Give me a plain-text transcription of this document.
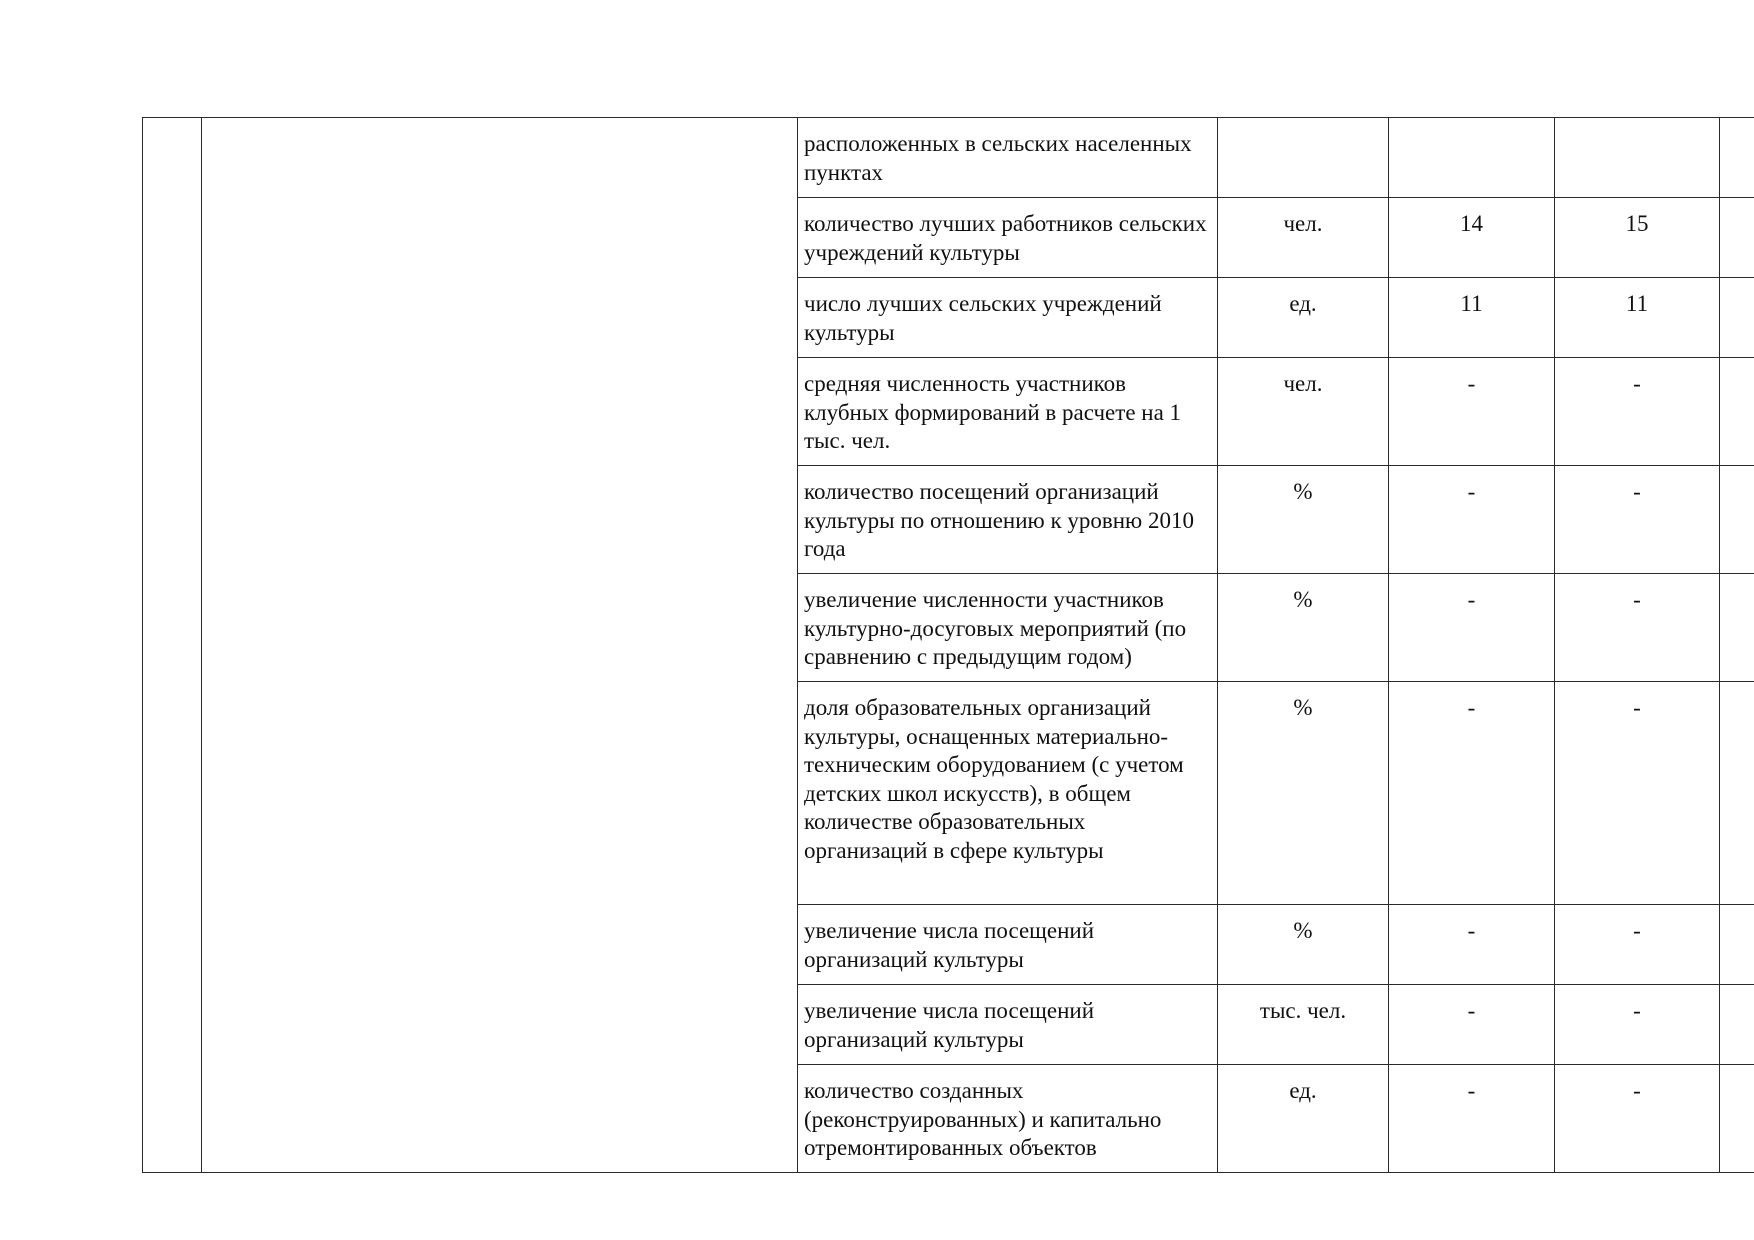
		расположенных в сельских населенных пунктах				
		количество лучших работников сельских учреждений культуры	чел.	14	15	
		число лучших сельских учреждений культуры	ед.	11	11	
		средняя численность участников клубных формирований в расчете на 1 тыс. чел.	чел.	-	-	
		количество посещений организаций культуры по отношению к уровню 2010 года	%	-	-	
		увеличение численности участников культурно-досуговых мероприятий (по сравнению с предыдущим годом)	%	-	-	
		доля образовательных организаций культуры, оснащенных материально-техническим оборудованием (с учетом детских школ искусств), в общем количестве образовательных организаций в сфере культуры	%	-	-	
		увеличение числа посещений организаций культуры	%	-	-	
		увеличение числа посещений организаций культуры	тыс. чел.	-	-	
		количество созданных (реконструированных) и капитально отремонтированных объектов	ед.	-	-	
